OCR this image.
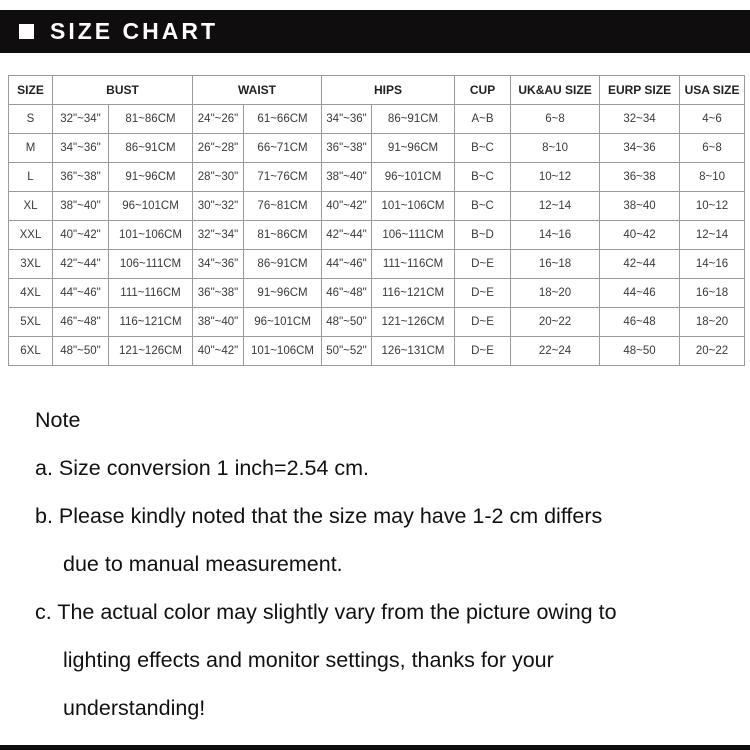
SIZE CHART
SIZE	BUST		WAIST		HIPS		CUP	UK&AU SIZE	EURP SIZE	USA SIZE
S	32"~34"	81~86CM	24"~26"	61~66CM	34"~36"	86~91CM	A~B	6~8	32~34	4~6
M	34"~36"	86~91CM	26"~28"	66~71CM	36"~38"	91~96CM	B~C	8~10	34~36	6~8
L	36"~38"	91~96CM	28"~30"	71~76CM	38"~40"	96~101CM	B~C	10~12	36~38	8~10
XL	38"~40"	96~101CM	30"~32"	76~81CM	40"~42"	101~106CM	B~C	12~14	38~40	10~12
XXL	40"~42"	101~106CM	32"~34"	81~86CM	42"~44"	106~111CM	B~D	14~16	40~42	12~14
3XL	42"~44"	106~111CM	34"~36"	86~91CM	44"~46"	111~116CM	D~E	16~18	42~44	14~16
4XL	44"~46"	111~116CM	36"~38"	91~96CM	46"~48"	116~121CM	D~E	18~20	44~46	16~18
5XL	46"~48"	116~121CM	38"~40"	96~101CM	48"~50"	121~126CM	D~E	20~22	46~48	18~20
6XL	48"~50"	121~126CM	40"~42"	101~106CM	50"~52"	126~131CM	D~E	22~24	48~50	20~22
Note
a. Size conversion 1 inch=2.54 cm.
b. Please kindly noted that the size may have 1-2 cm differs
due to manual measurement.
c. The actual color may slightly vary from the picture owing to
lighting effects and monitor settings, thanks for your
understanding!
